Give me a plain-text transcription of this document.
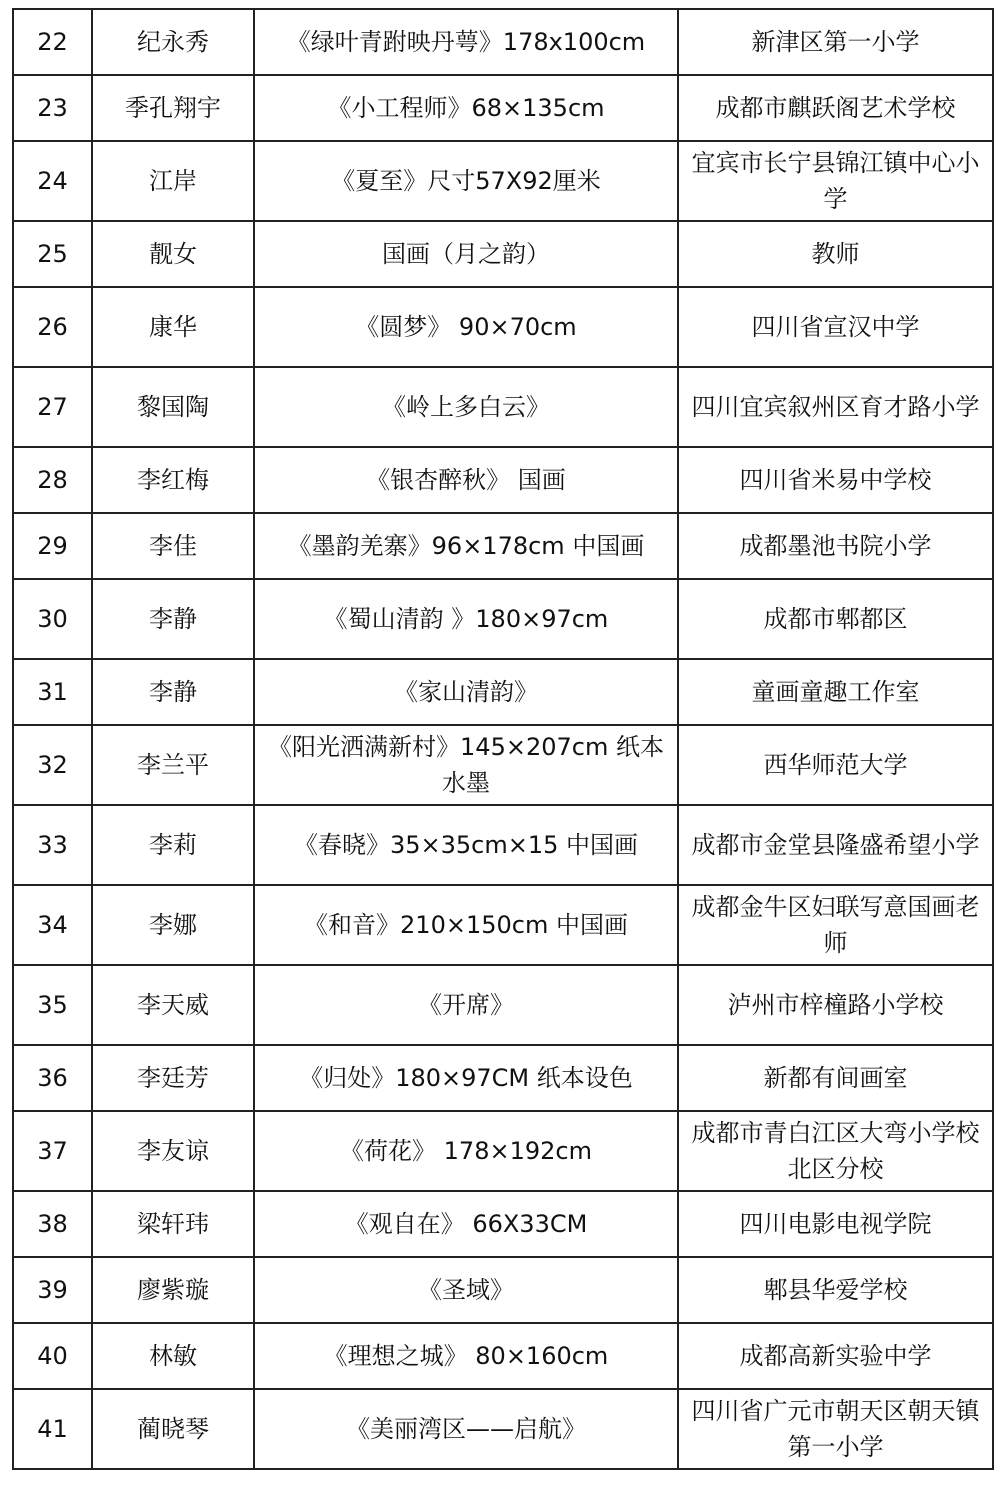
22	纪永秀	《绿叶青跗映丹萼》178x100cm	新津区第一小学
23	季孔翔宇	《小工程师》68×135cm	成都市麒跃阁艺术学校
24	江岸	《夏至》尺寸57X92厘米	宜宾市长宁县锦江镇中心小学
25	靓女	国画（月之韵）	教师
26	康华	《圆梦》 90×70cm	四川省宣汉中学
27	黎国陶	《岭上多白云》	四川宜宾叙州区育才路小学
28	李红梅	《银杏醉秋》 国画	四川省米易中学校
29	李佳	《墨韵羌寨》96×178cm 中国画	成都墨池书院小学
30	李静	《蜀山清韵 》180×97cm	成都市郫都区
31	李静	《家山清韵》	童画童趣工作室
32	李兰平	《阳光洒满新村》145×207cm 纸本水墨	西华师范大学
33	李莉	《春晓》35×35cm×15 中国画	成都市金堂县隆盛希望小学
34	李娜	《和音》210×150cm 中国画	成都金牛区妇联写意国画老师
35	李天威	《开席》	泸州市梓橦路小学校
36	李廷芳	《归处》180×97CM 纸本设色	新都有间画室
37	李友谅	《荷花》 178×192cm	成都市青白江区大弯小学校北区分校
38	梁轩玮	《观自在》 66X33CM	四川电影电视学院
39	廖紫璇	《圣域》	郫县华爱学校
40	林敏	《理想之城》 80×160cm	成都高新实验中学
41	蔺晓琴	《美丽湾区——启航》	四川省广元市朝天区朝天镇第一小学
